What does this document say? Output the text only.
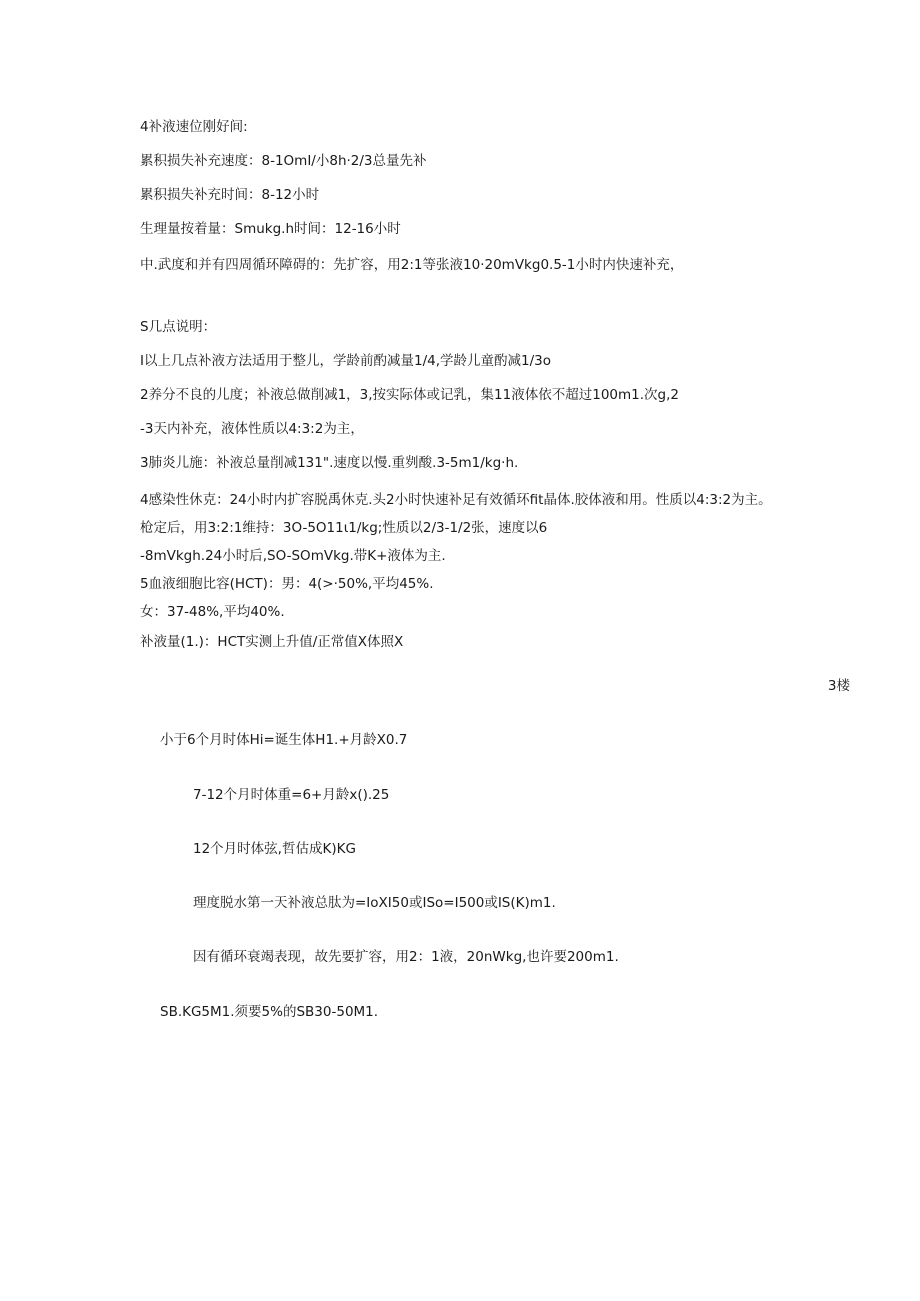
4补液速位刚好间:
累积损失补充速度：8-1OmI/小8h·2/3总量先补
累积损失补充时间：8-12小时
生理量按着量：Smukg.h时间：12-16小时
中.武度和并有四周循环障碍的：先扩容，用2:1等张液10·20mVkg0.5-1小时内快速补充，
S几点说明：
I以上几点补液方法适用于整儿，学龄前酌减量1/4,学龄儿童酌减1/3o
2养分不良的儿度；补液总做削减1，3,按实际体或记乳，集11液体依不超过100m1.次g,2
-3天内补充，液体性质以4:3:2为主，
3肺炎儿施：补液总量削减131".速度以慢.重刿酸.3-5m1∕kg·h.
4感染性休克：24小时内扩容脱禹休克.头2小时快速补足有效循环fit晶体.胶体液和用。性质以4:3:2为主。
枪定后，用3:2:1维持：3O-5O11ι1∕kg;性质以2/3-1/2张，速度以6
-8mVkgh.24小时后,SO-SOmVkg.带K+液体为主.
5血液细胞比容(HCT)：男：4(>·50%,平均45%.
女：37-48%,平均40%.
补液量(1.)：HCT实测上升值/正常值X体照X
3楼
小于6个月时体Hi=诞生体H1.+月龄X0.7
7-12个月时体重=6+月龄x().25
12个月时体弦,哲估成K)KG
理度脱水第一天补液总肽为=IoXI50或ISo=I500或IS(K)m1.
因有循环衰竭表现，故先要扩容，用2：1液，20nWkg,也许要200m1.
SB.KG5M1.须要5%的SB30-50M1.
